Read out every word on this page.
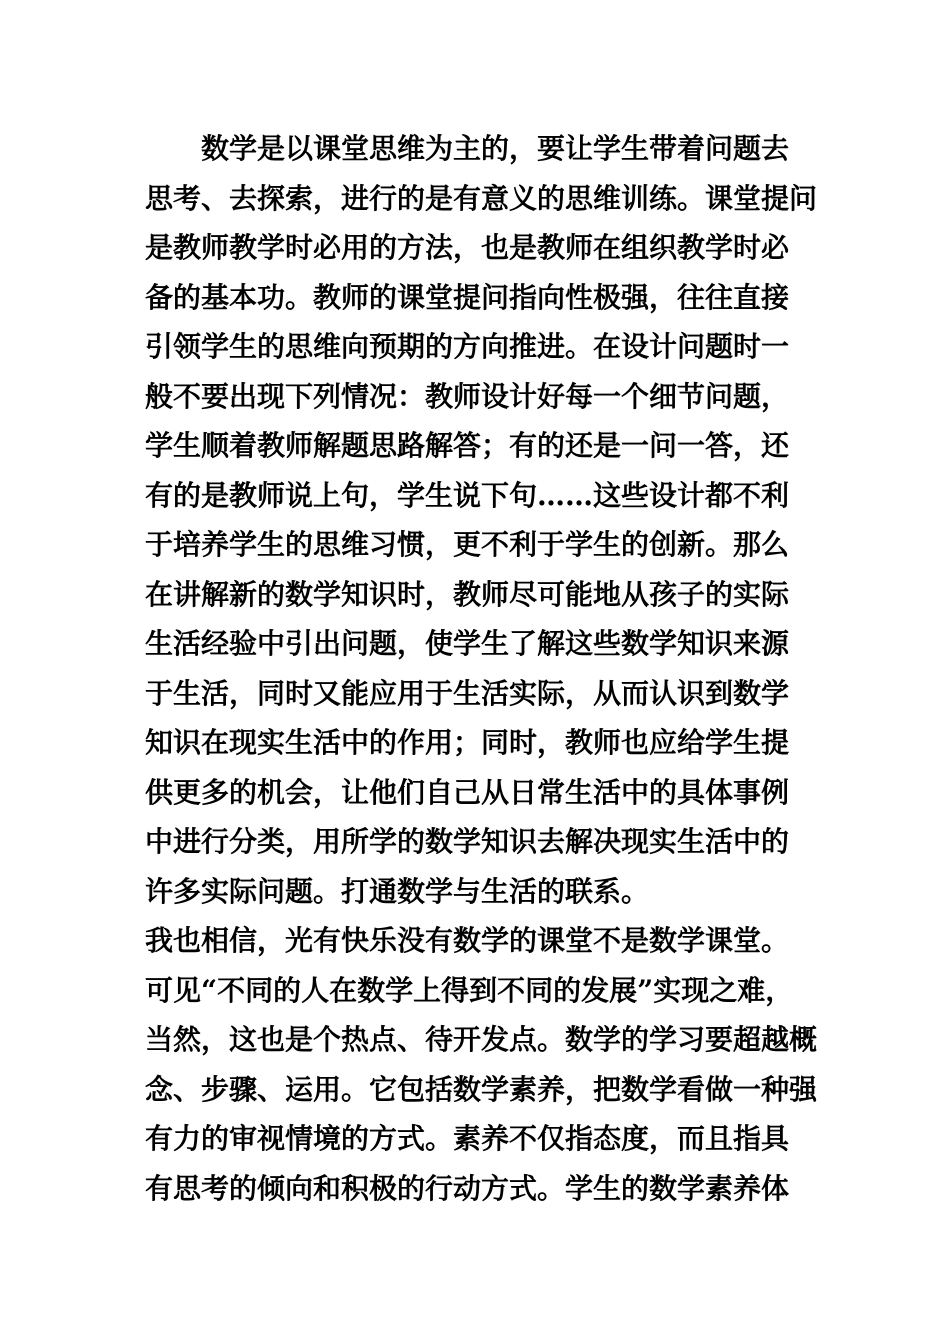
数学是以课堂思维为主的，要让学生带着问题去
思考、去探索，进行的是有意义的思维训练。课堂提问
是教师教学时必用的方法，也是教师在组织教学时必
备的基本功。教师的课堂提问指向性极强，往往直接
引领学生的思维向预期的方向推进。在设计问题时一
般不要出现下列情况：教师设计好每一个细节问题，
学生顺着教师解题思路解答；有的还是一问一答，还
有的是教师说上句，学生说下句……这些设计都不利
于培养学生的思维习惯，更不利于学生的创新。那么
在讲解新的数学知识时，教师尽可能地从孩子的实际
生活经验中引出问题，使学生了解这些数学知识来源
于生活，同时又能应用于生活实际，从而认识到数学
知识在现实生活中的作用；同时，教师也应给学生提
供更多的机会，让他们自己从日常生活中的具体事例
中进行分类，用所学的数学知识去解决现实生活中的
许多实际问题。打通数学与生活的联系。
我也相信，光有快乐没有数学的课堂不是数学课堂。
可见“不同的人在数学上得到不同的发展”实现之难，
当然，这也是个热点、待开发点。数学的学习要超越概
念、步骤、运用。它包括数学素养，把数学看做一种强
有力的审视情境的方式。素养不仅指态度，而且指具
有思考的倾向和积极的行动方式。学生的数学素养体
